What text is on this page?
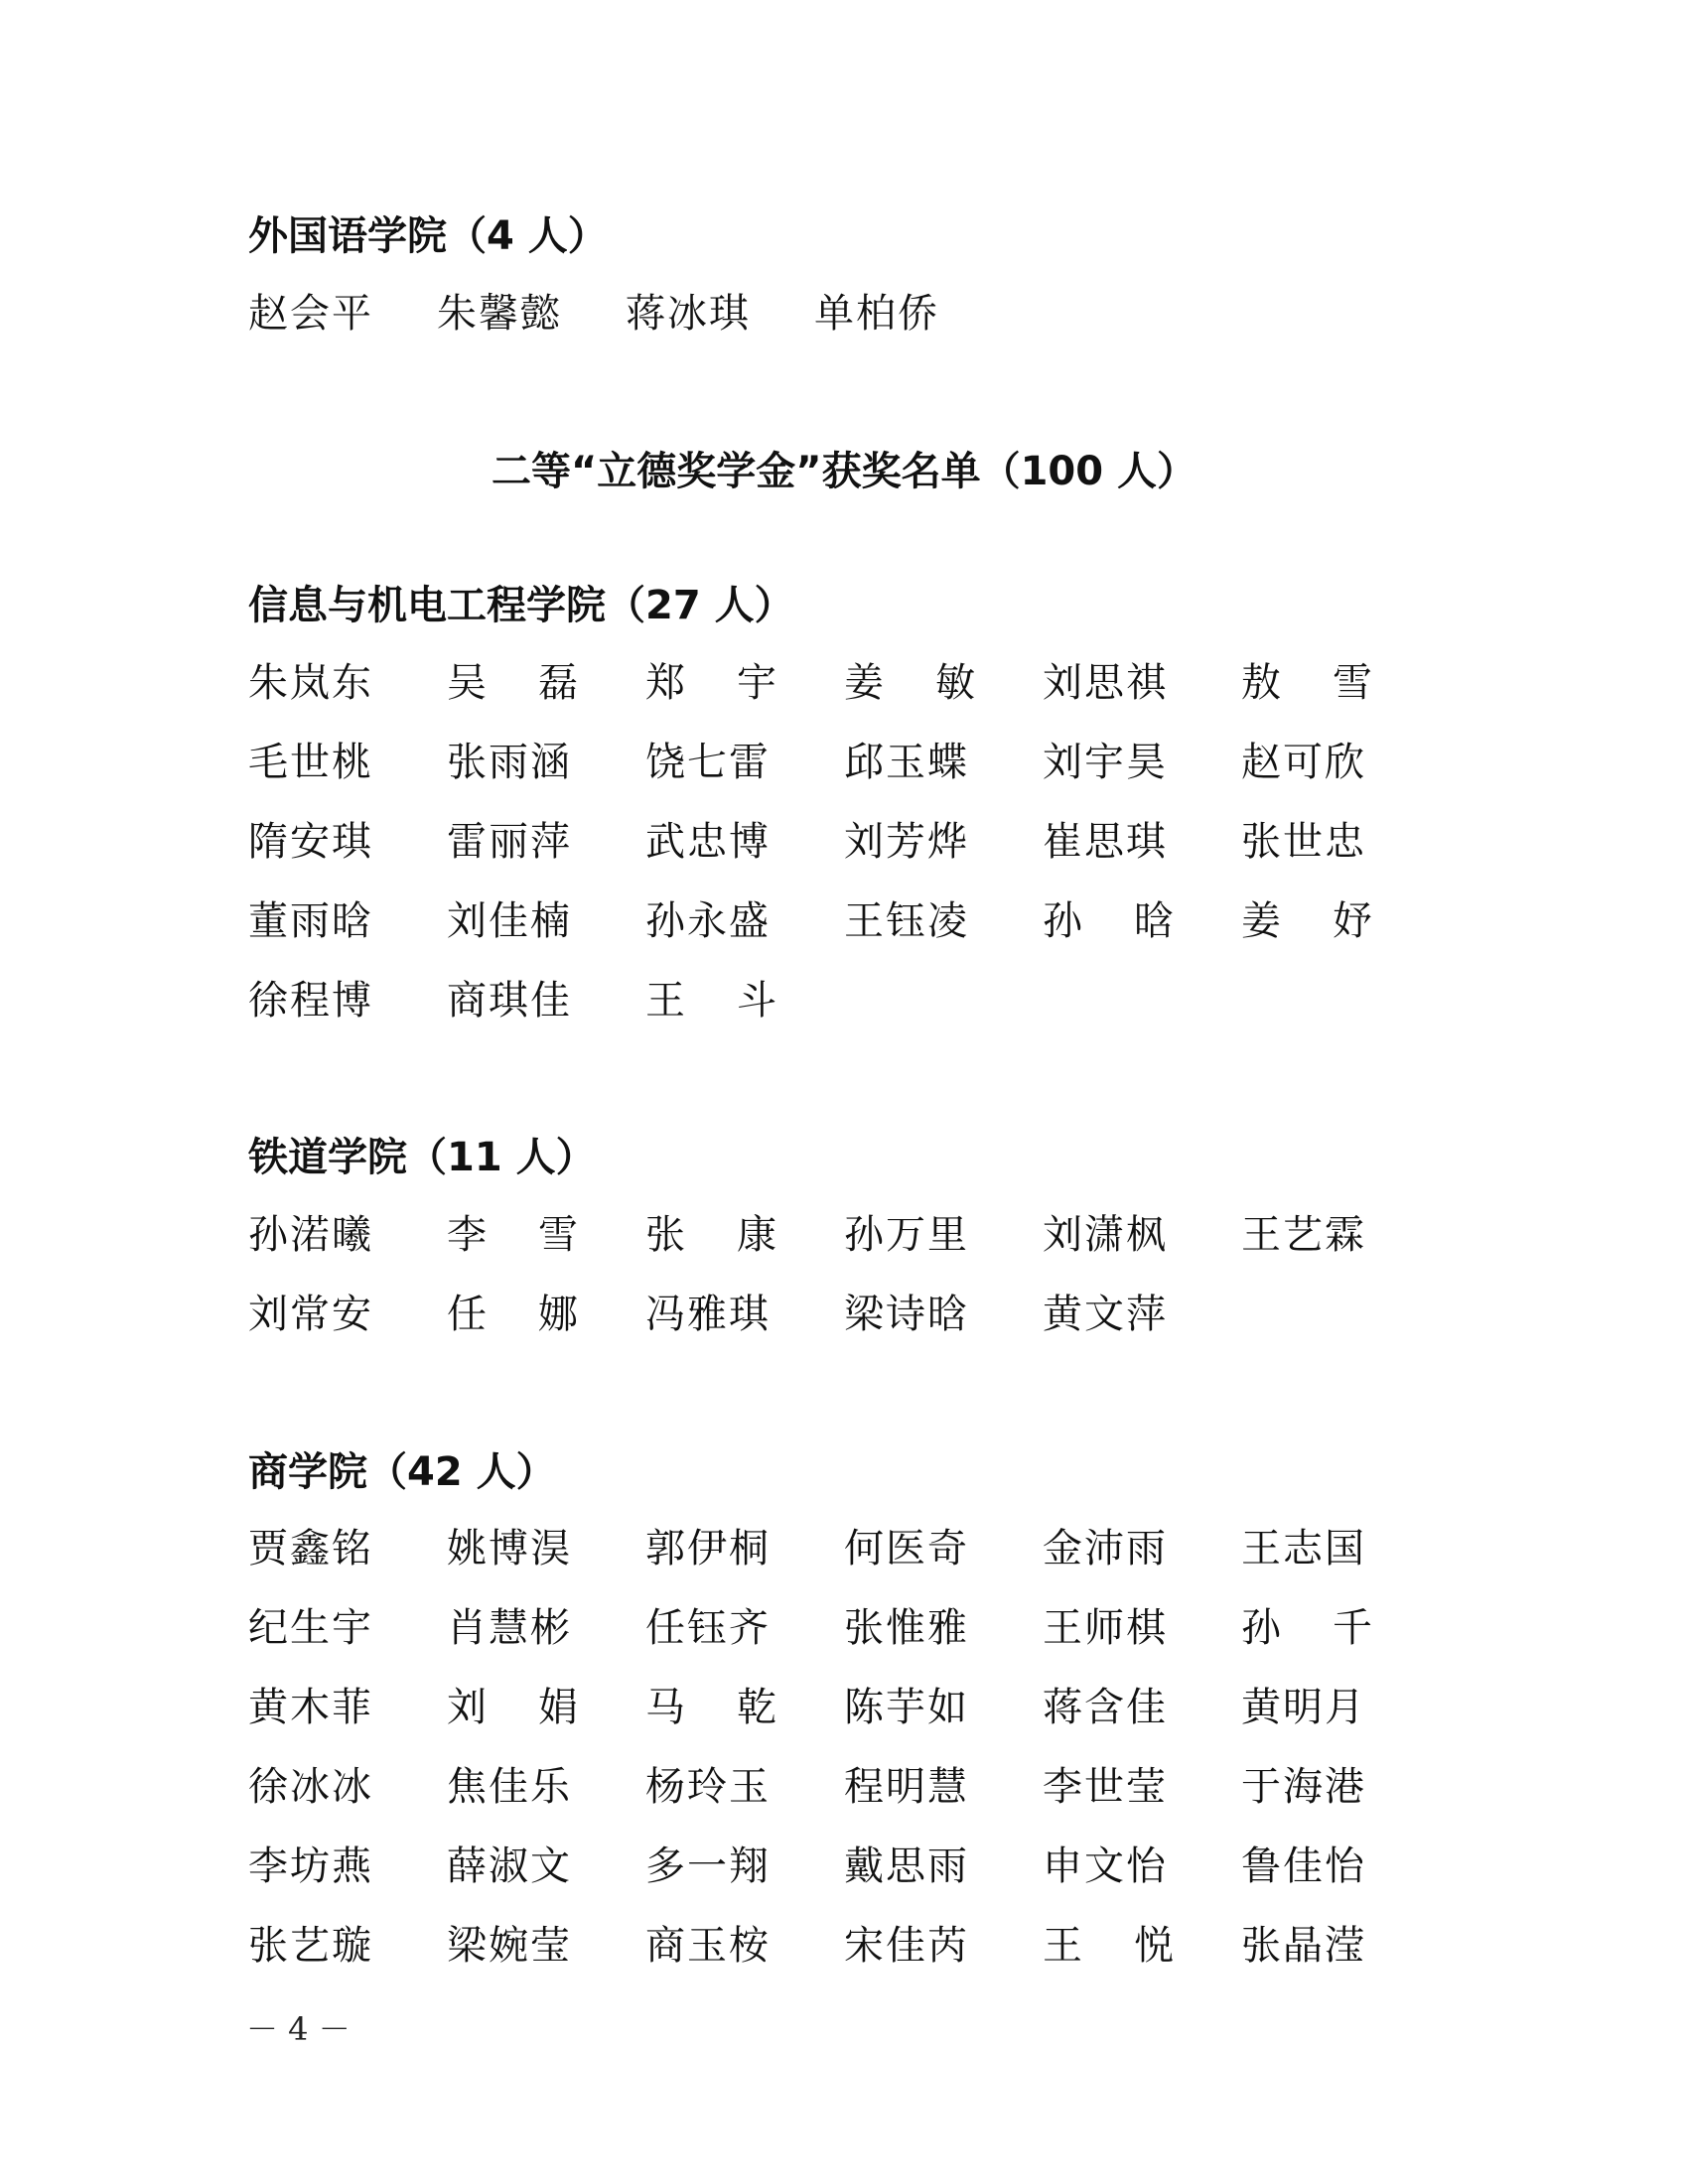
外国语学院（4 人）
赵会平 朱馨懿 蒋冰琪 单柏侨
二等“立德奖学金”获奖名单（100 人）
信息与机电工程学院（27 人）
朱岚东 吴 磊 郑 宇 姜 敏 刘思祺 敖 雪
毛世桃 张雨涵 饶七雷 邱玉蝶 刘宇昊 赵可欣
隋安琪 雷丽萍 武忠博 刘芳烨 崔思琪 张世忠
董雨晗 刘佳楠 孙永盛 王钰凌 孙 晗 姜 妤
徐程博 商琪佳 王 斗
铁道学院（11 人）
孙渃曦 李 雪 张 康 孙万里 刘潇枫 王艺霖
刘常安 任 娜 冯雅琪 梁诗晗 黄文萍
商学院（42 人）
贾鑫铭 姚博淏 郭伊桐 何医奇 金沛雨 王志国
纪生宇 肖慧彬 任钰齐 张惟雅 王师棋 孙 千
黄木菲 刘 娟 马 乾 陈芋如 蒋含佳 黄明月
徐冰冰 焦佳乐 杨玲玉 程明慧 李世莹 于海港
李坊燕 薛淑文 多一翔 戴思雨 申文怡 鲁佳怡
张艺璇 梁婉莹 商玉桉 宋佳芮 王 悦 张晶滢
－ 4 －
